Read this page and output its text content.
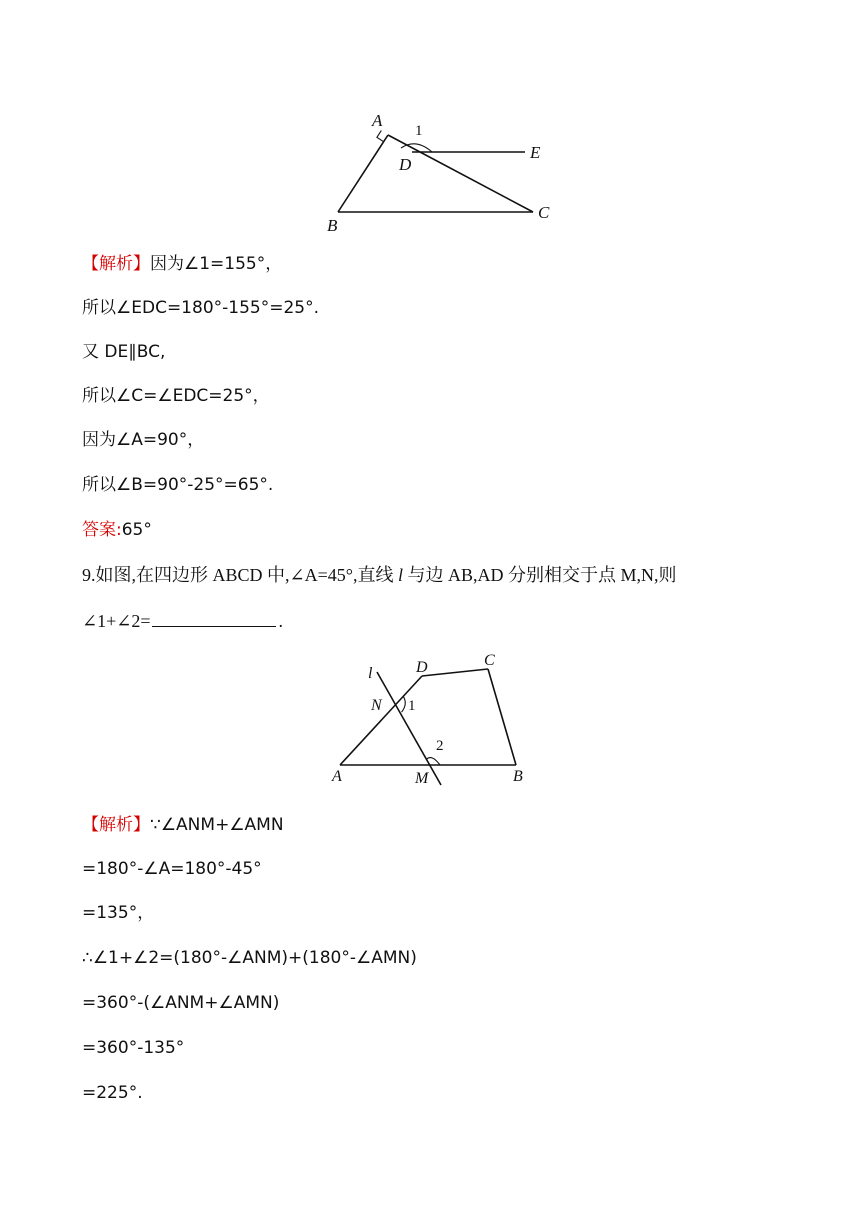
A
B
C
D
E
1
【解析】因为∠1=155°，
所以∠EDC=180°-155°=25°.
又 DE∥BC,
所以∠C=∠EDC=25°，
因为∠A=90°，
所以∠B=90°-25°=65°.
答案:65°
9.如图,在四边形 ABCD 中,∠A=45°,直线 l 与边 AB,AD 分别相交于点 M,N,则
∠1+∠2=	.
l	D	C
N 1
2
A	M	B
【解析】∵∠ANM+∠AMN
=180°-∠A=180°-45°
=135°，
∴∠1+∠2=(180°-∠ANM)+(180°-∠AMN)
=360°-(∠ANM+∠AMN)
=360°-135°
=225°.
